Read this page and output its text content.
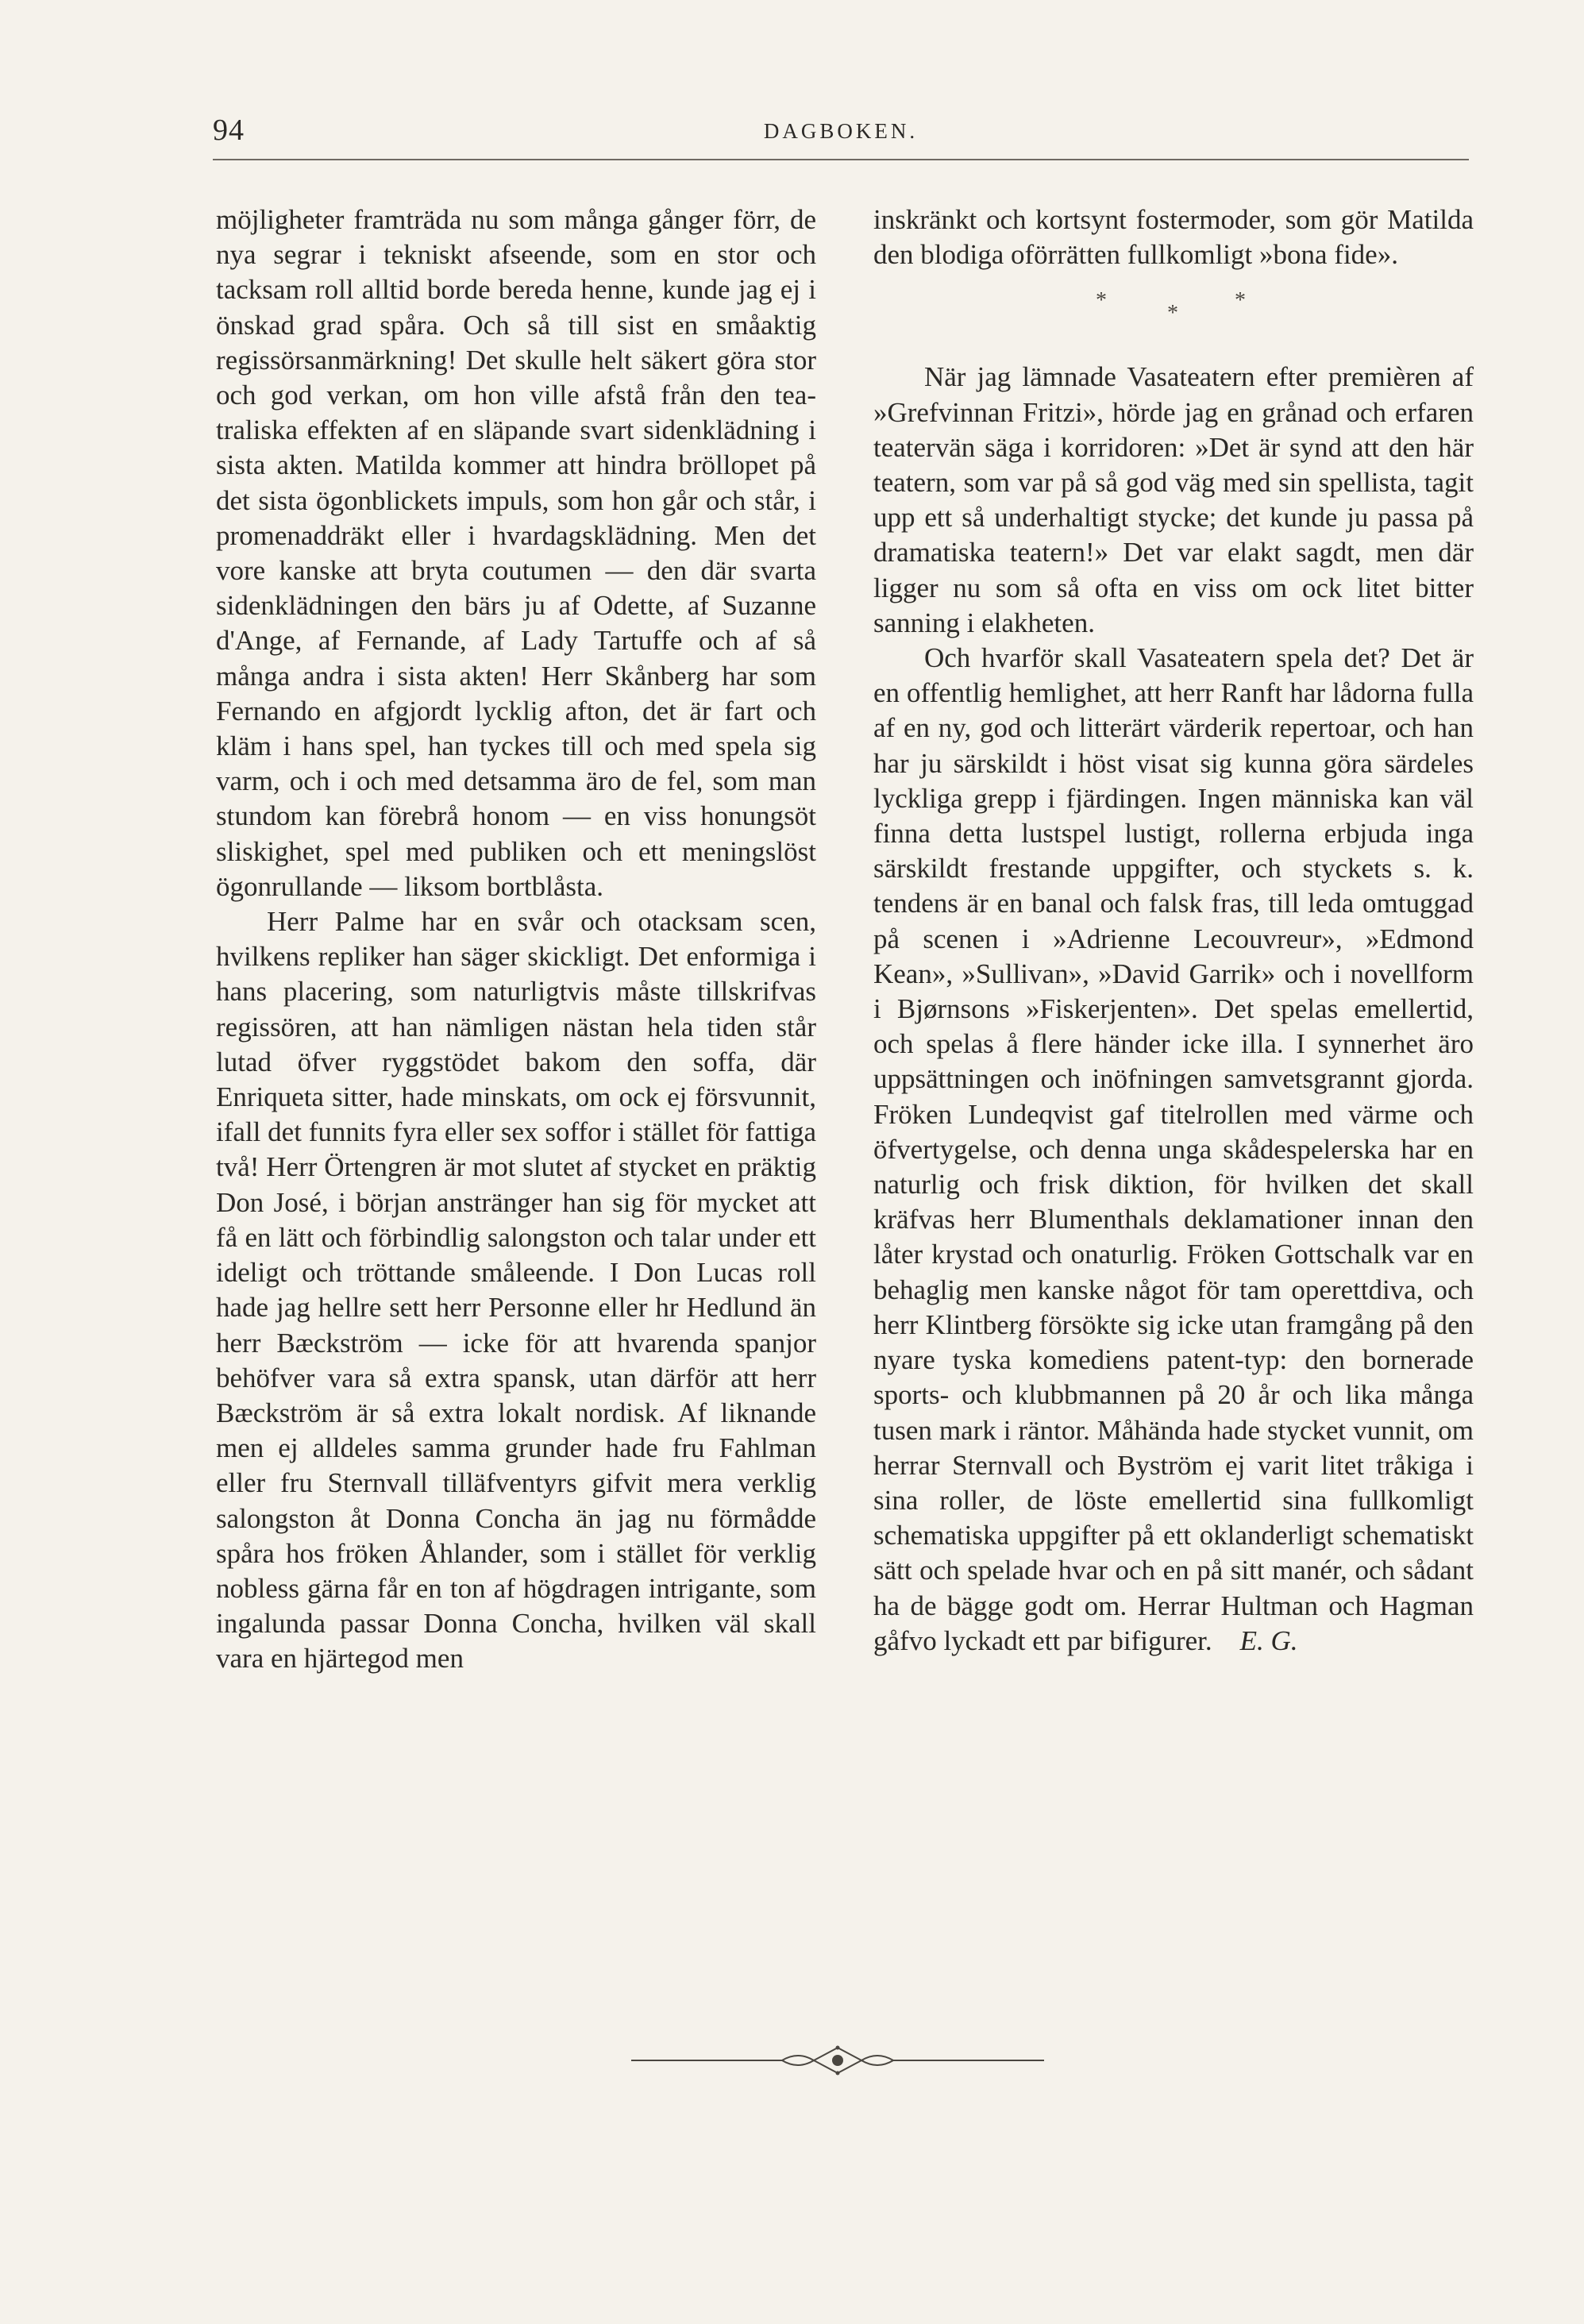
94	DAGBOKEN.

möjligheter framträda nu som många gånger förr, de nya segrar i tekniskt afseende, som en stor och tacksam roll alltid borde bereda henne, kunde jag ej i önskad grad spåra. Och så till sist en småaktig regissörsanmärkning! Det skulle helt säkert göra stor och god verkan, om hon ville afstå från den teatraliska effekten af en släpande svart sidenklädning i sista akten. Matilda kommer att hindra bröllopet på det sista ögonblickets impuls, som hon går och står, i promenaddräkt eller i hvardagsklädning. Men det vore kanske att bryta coutumen — den där svarta sidenklädningen den bärs ju af Odette, af Suzanne d'Ange, af Fernande, af Lady Tartuffe och af så många andra i sista akten! Herr Skånberg har som Fernando en afgjordt lycklig afton, det är fart och kläm i hans spel, han tyckes till och med spela sig varm, och i och med detsamma äro de fel, som man stundom kan förebrå honom — en viss honungsöt sliskighet, spel med publiken och ett meningslöst ögonrullande — liksom bortblåsta.

Herr Palme har en svår och otacksam scen, hvilkens repliker han säger skickligt. Det enformiga i hans placering, som naturligtvis måste tillskrifvas regissören, att han nämligen nästan hela tiden står lutad öfver ryggstödet bakom den soffa, där Enriqueta sitter, hade minskats, om ock ej försvunnit, ifall det funnits fyra eller sex soffor i stället för fattiga två! Herr Örtengren är mot slutet af stycket en präktig Don José, i början anstränger han sig för mycket att få en lätt och förbindlig salongston och talar under ett ideligt och tröttande småleende. I Don Lucas roll hade jag hellre sett herr Personne eller hr Hedlund än herr Bæckström — icke för att hvarenda spanjor behöfver vara så extra spansk, utan därför att herr Bæckström är så extra lokalt nordisk. Af liknande men ej alldeles samma grunder hade fru Fahlman eller fru Sternvall tilläfventyrs gifvit mera verklig salongston åt Donna Concha än jag nu förmådde spåra hos fröken Åhlander, som i stället för verklig nobless gärna får en ton af högdragen intrigante, som ingalunda passar Donna Concha, hvilken väl skall vara en hjärtegod men

inskränkt och kortsynt fostermoder, som gör Matilda den blodiga oförrätten fullkomligt »bona fide».

*
*
*

När jag lämnade Vasateatern efter premièren af »Grefvinnan Fritzi», hörde jag en grånad och erfaren teatervän säga i korridoren: »Det är synd att den här teatern, som var på så god väg med sin spellista, tagit upp ett så underhaltigt stycke; det kunde ju passa på dramatiska teatern!» Det var elakt sagdt, men där ligger nu som så ofta en viss om ock litet bitter sanning i elakheten.

Och hvarför skall Vasateatern spela det? Det är en offentlig hemlighet, att herr Ranft har lådorna fulla af en ny, god och litterärt värderik repertoar, och han har ju särskildt i höst visat sig kunna göra särdeles lyckliga grepp i fjärdingen. Ingen människa kan väl finna detta lustspel lustigt, rollerna erbjuda inga särskildt frestande uppgifter, och styckets s. k. tendens är en banal och falsk fras, till leda omtuggad på scenen i »Adrienne Lecouvreur», »Edmond Kean», »Sullivan», »David Garrik» och i novellform i Bjørnsons »Fiskerjenten». Det spelas emellertid, och spelas å flere händer icke illa. I synnerhet äro uppsättningen och inöfningen samvetsgrannt gjorda. Fröken Lundeqvist gaf titelrollen med värme och öfvertygelse, och denna unga skådespelerska har en naturlig och frisk diktion, för hvilken det skall kräfvas herr Blumenthals deklamationer innan den låter krystad och onaturlig. Fröken Gottschalk var en behaglig men kanske något för tam operettdiva, och herr Klintberg försökte sig icke utan framgång på den nyare tyska komediens patent-typ: den bornerade sports- och klubbmannen på 20 år och lika många tusen mark i räntor. Måhända hade stycket vunnit, om herrar Sternvall och Byström ej varit litet tråkiga i sina roller, de löste emellertid sina fullkomligt schematiska uppgifter på ett oklanderligt schematiskt sätt och spelade hvar och en på sitt manér, och sådant ha de bägge godt om. Herrar Hultman och Hagman gåfvo lyckadt ett par bifigurer. E. G.
